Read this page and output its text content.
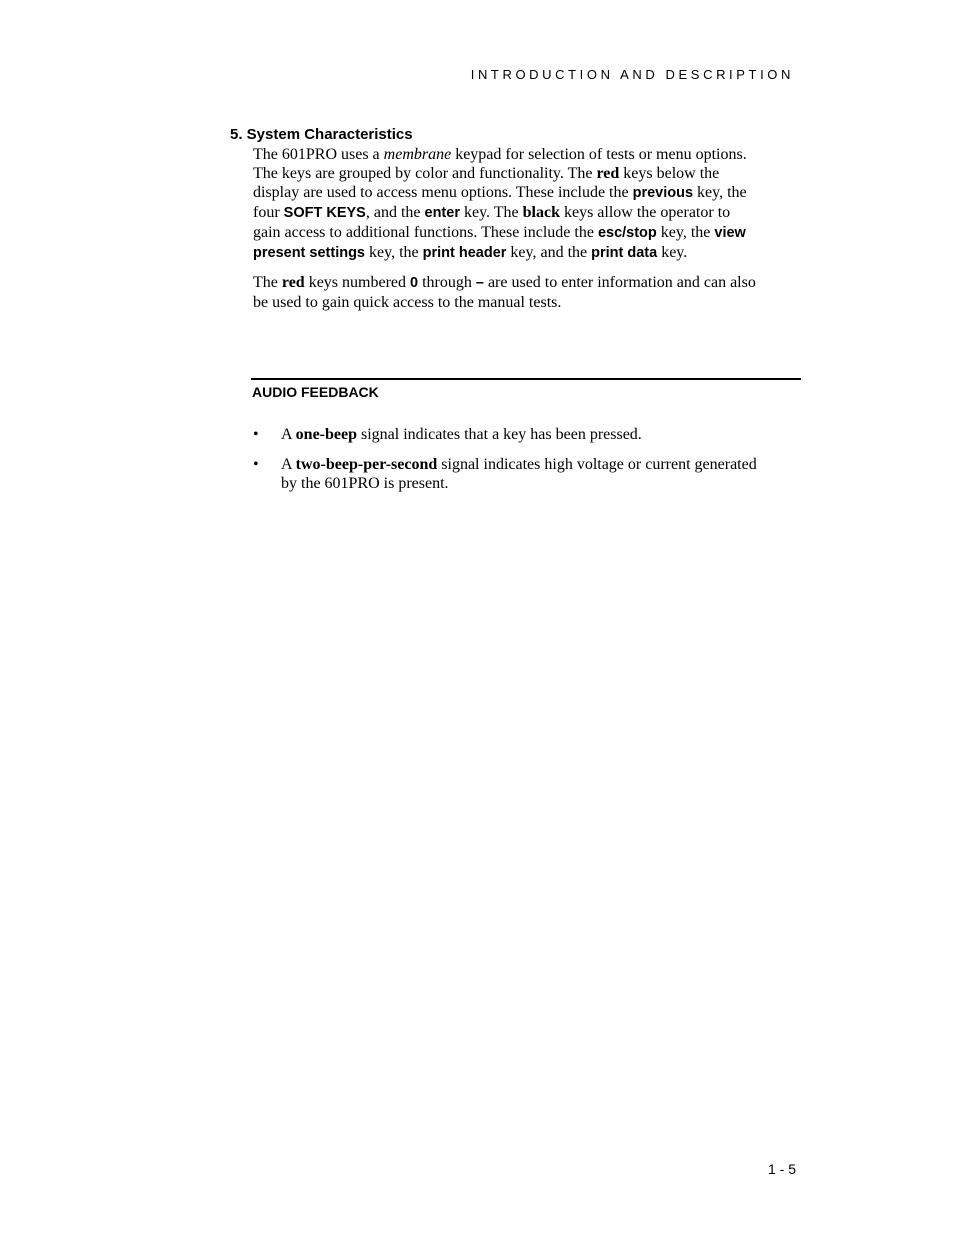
INTRODUCTION AND DESCRIPTION
5. System Characteristics
The 601PRO uses a membrane keypad for selection of tests or menu options.
The keys are grouped by color and functionality. The red keys below the
display are used to access menu options. These include the previous key, the
four SOFT KEYS, and the enter key. The black keys allow the operator to
gain access to additional functions. These include the esc/stop key, the view
present settings key, the print header key, and the print data key.
The red keys numbered 0 through – are used to enter information and can also
be used to gain quick access to the manual tests.
AUDIO FEEDBACK
• A one-beep signal indicates that a key has been pressed.
• A two-beep-per-second signal indicates high voltage or current generated
by the 601PRO is present.
1 - 5
